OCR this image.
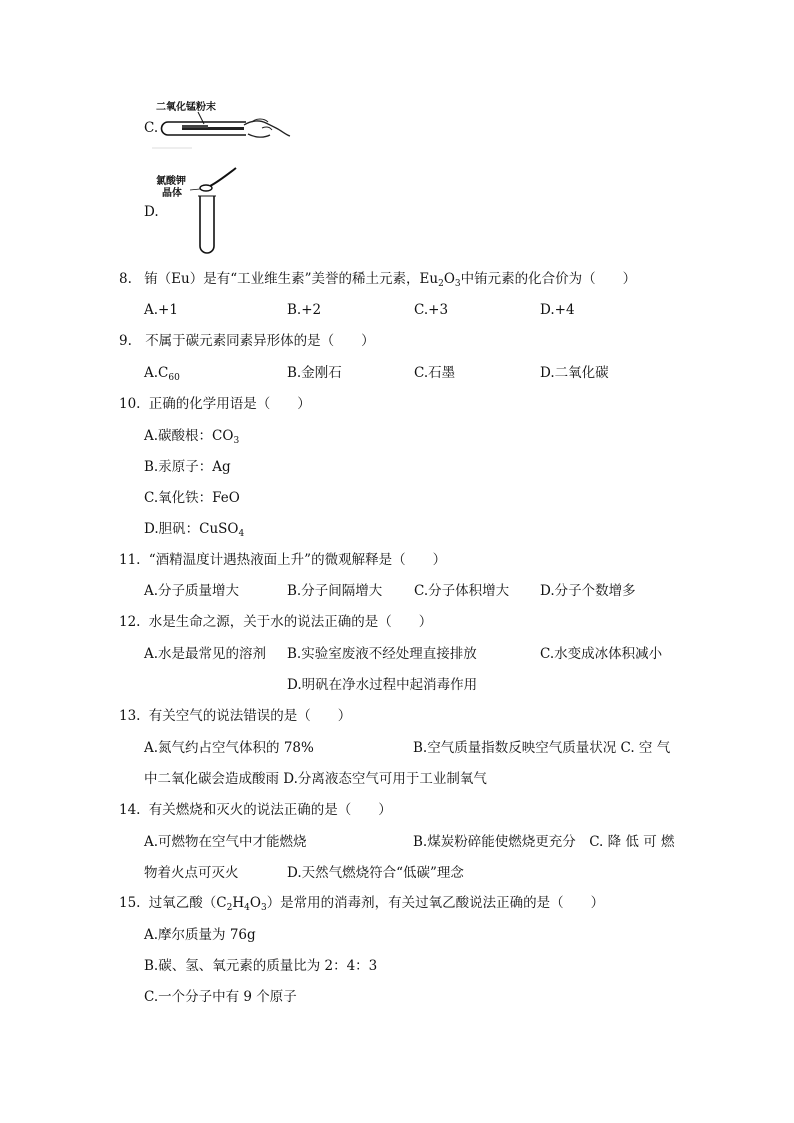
C.
二氧化锰粉末
D.
氯酸钾
晶体
8. 铕（Eu）是有“工业维生素”美誉的稀土元素，$Eu_2O_3$中铕元素的化合价为（　　）
A.+1	B.+2	C.+3	D.+4
9. 不属于碳元素同素异形体的是（　　）
$A.C_{60}$	B.金刚石	C.石墨	D.二氧化碳
10. 正确的化学用语是（　　）
A.碳酸根：$CO_3$
B.汞原子：Ag
C.氧化铁：FeO
D.胆矾：CuSO$_4$
11. “酒精温度计遇热液面上升”的微观解释是（　　）
A.分子质量增大	B.分子间隔增大 C.分子体积增大 D.分子个数增多
12. 水是生命之源，关于水的说法正确的是（　　）
A.水是最常见的溶剂 B.实验室废液不经处理直接排放	C.水变成冰体积减小
D.明矾在净水过程中起消毒作用
13. 有关空气的说法错误的是（　　）
A.氮气约占空气体积的 78%	B.空气质量指数反映空气质量状况 C. 空 气
中二氧化碳会造成酸雨 D.分离液态空气可用于工业制氧气
14. 有关燃烧和灭火的说法正确的是（　　）
A.可燃物在空气中才能燃烧	B.煤炭粉碎能使燃烧更充分　C. 降 低 可 燃
物着火点可灭火	D.天然气燃烧符合“低碳”理念
15. 过氧乙酸$(C_2H_4O_3)$是常用的消毒剂，有关过氧乙酸说法正确的是（　　）
A.摩尔质量为 76g
B.碳、氢、氧元素的质量比为 2：4：3
C.一个分子中有 9 个原子
